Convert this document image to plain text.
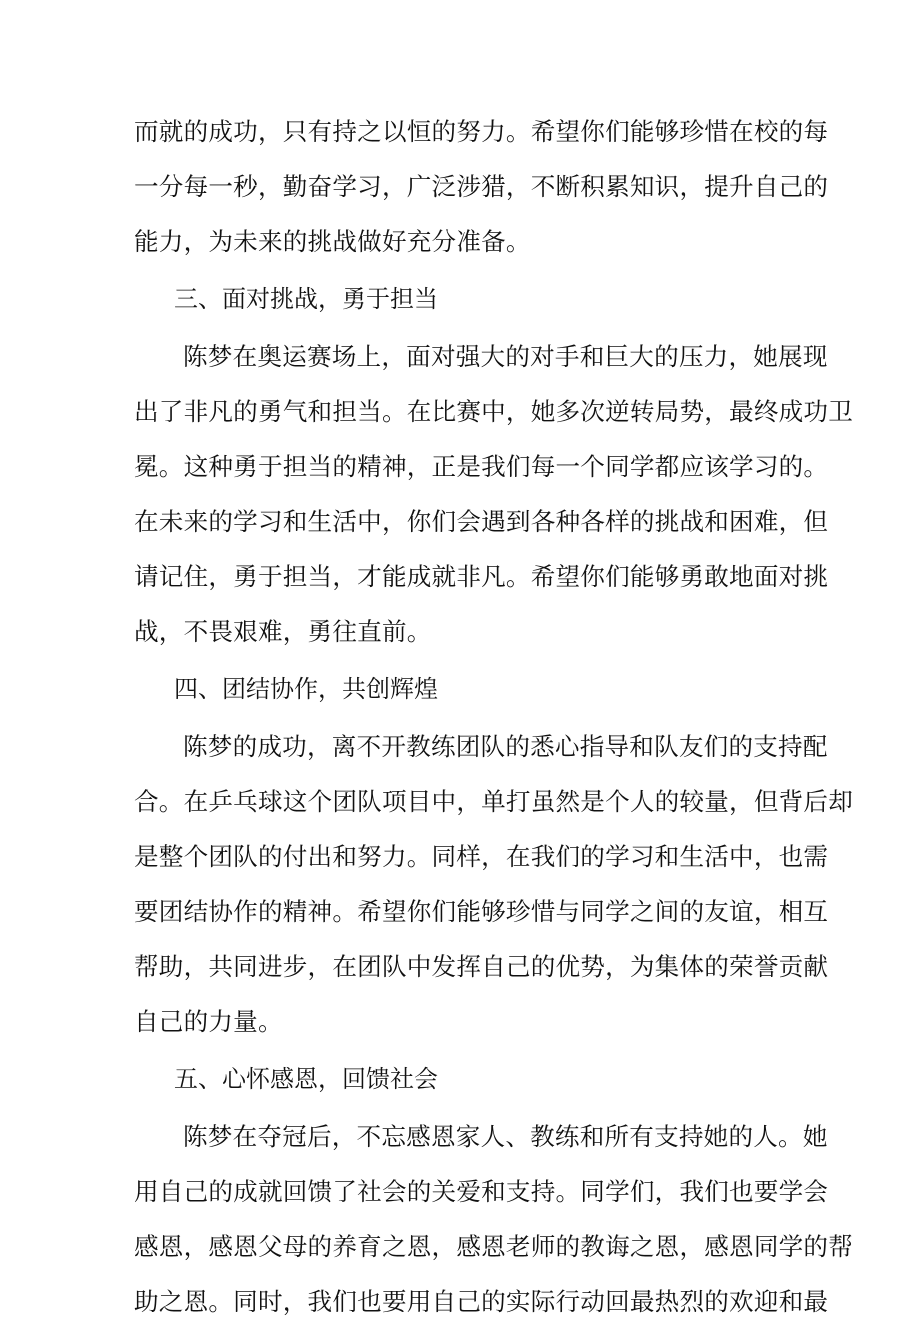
而就的成功，只有持之以恒的努力。希望你们能够珍惜在校的每
一分每一秒，勤奋学习，广泛涉猎，不断积累知识，提升自己的
能力，为未来的挑战做好充分准备。
三、面对挑战，勇于担当
陈梦在奥运赛场上，面对强大的对手和巨大的压力，她展现
出了非凡的勇气和担当。在比赛中，她多次逆转局势，最终成功卫
冕。这种勇于担当的精神，正是我们每一个同学都应该学习的。
在未来的学习和生活中，你们会遇到各种各样的挑战和困难，但
请记住，勇于担当，才能成就非凡。希望你们能够勇敢地面对挑
战，不畏艰难，勇往直前。
四、团结协作，共创辉煌
陈梦的成功，离不开教练团队的悉心指导和队友们的支持配
合。在乒乓球这个团队项目中，单打虽然是个人的较量，但背后却
是整个团队的付出和努力。同样，在我们的学习和生活中，也需
要团结协作的精神。希望你们能够珍惜与同学之间的友谊，相互
帮助，共同进步，在团队中发挥自己的优势，为集体的荣誉贡献
自己的力量。
五、心怀感恩，回馈社会
陈梦在夺冠后，不忘感恩家人、教练和所有支持她的人。她
用自己的成就回馈了社会的关爱和支持。同学们，我们也要学会
感恩，感恩父母的养育之恩，感恩老师的教诲之恩，感恩同学的帮
助之恩。同时，我们也要用自己的实际行动回最热烈的欢迎和最
